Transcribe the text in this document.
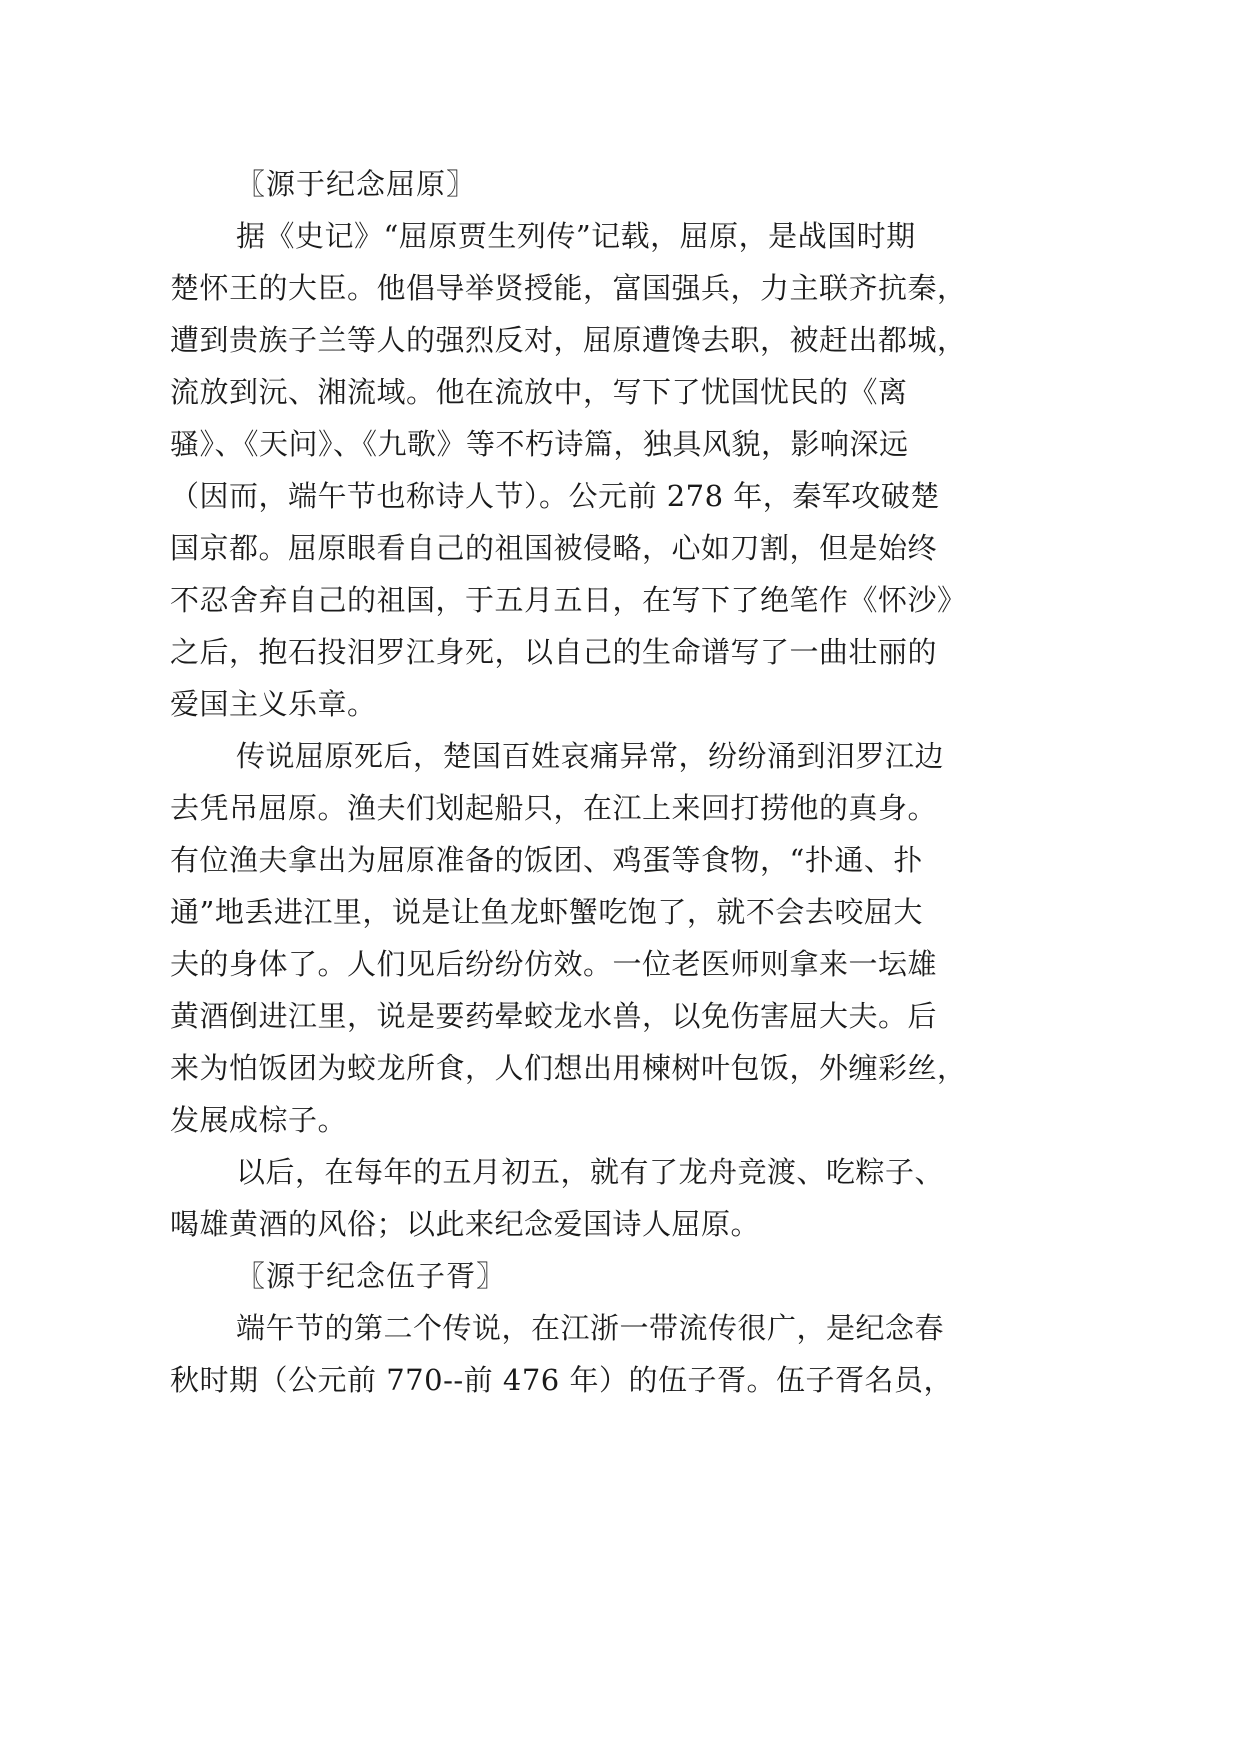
〖源于纪念屈原〗
据《史记》“屈原贾生列传”记载，屈原，是战国时期
楚怀王的大臣。他倡导举贤授能，富国强兵，力主联齐抗秦，
遭到贵族子兰等人的强烈反对，屈原遭馋去职，被赶出都城，
流放到沅、湘流域。他在流放中，写下了忧国忧民的《离
骚》、《天问》、《九歌》等不朽诗篇，独具风貌，影响深远
（因而，端午节也称诗人节）。公元前 278 年，秦军攻破楚
国京都。屈原眼看自己的祖国被侵略，心如刀割，但是始终
不忍舍弃自己的祖国，于五月五日，在写下了绝笔作《怀沙》
之后，抱石投汨罗江身死，以自己的生命谱写了一曲壮丽的
爱国主义乐章。
传说屈原死后，楚国百姓哀痛异常，纷纷涌到汨罗江边
去凭吊屈原。渔夫们划起船只，在江上来回打捞他的真身。
有位渔夫拿出为屈原准备的饭团、鸡蛋等食物，“扑通、扑
通”地丢进江里，说是让鱼龙虾蟹吃饱了，就不会去咬屈大
夫的身体了。人们见后纷纷仿效。一位老医师则拿来一坛雄
黄酒倒进江里，说是要药晕蛟龙水兽，以免伤害屈大夫。后
来为怕饭团为蛟龙所食，人们想出用楝树叶包饭，外缠彩丝，
发展成棕子。
以后，在每年的五月初五，就有了龙舟竞渡、吃粽子、
喝雄黄酒的风俗；以此来纪念爱国诗人屈原。
〖源于纪念伍子胥〗
端午节的第二个传说，在江浙一带流传很广，是纪念春
秋时期（公元前 770--前 476 年）的伍子胥。伍子胥名员，
